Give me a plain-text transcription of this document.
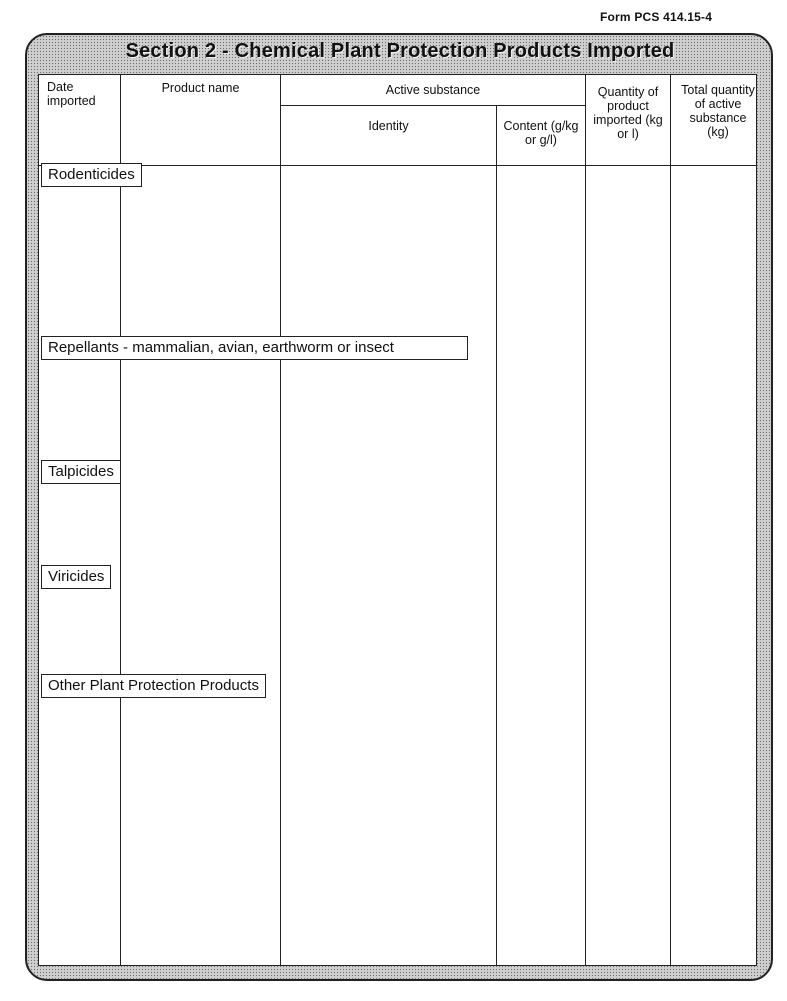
Form PCS 414.15-4
Section 2 - Chemical Plant Protection Products Imported
Date imported
Product name	Active substance
Identity	Content (g/kg or g/l)
Quantity of product imported (kg or l)
Total quantity of active substance (kg)
Rodenticides
Repellants - mammalian, avian, earthworm or insect
Talpicides
Viricides
Other Plant Protection Products
